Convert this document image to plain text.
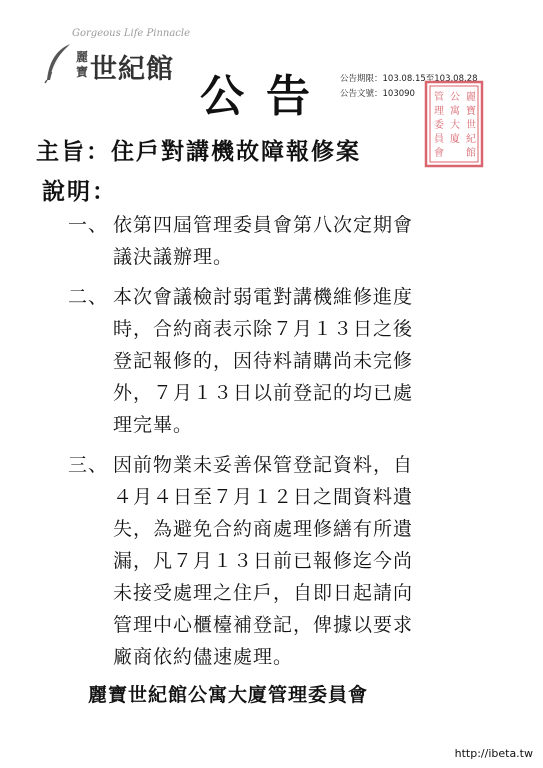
Gorgeous Life Pinnacle
麗寶 世紀館
公告 公告期限：103.08.15至103.08.28
公告文號：103090	麗
寶
世
紀
館
公
寓
大
廈
管
理
委
員
會
主旨：住戶對講機故障報修案
說明：
一、 依第四屆管理委員會第八次定期會
議決議辦理。
二、 本次會議檢討弱電對講機維修進度
時，合約商表示除７月１３日之後
登記報修的，因待料請購尚未完修
外，７月１３日以前登記的均已處
理完畢。
三、 因前物業未妥善保管登記資料，自
４月４日至７月１２日之間資料遺
失，為避免合約商處理修繕有所遺
漏，凡７月１３日前已報修迄今尚
未接受處理之住戶，自即日起請向
管理中心櫃檯補登記，俾據以要求
廠商依約儘速處理。
麗寶世紀館公寓大廈管理委員會
http://ibeta.tw
